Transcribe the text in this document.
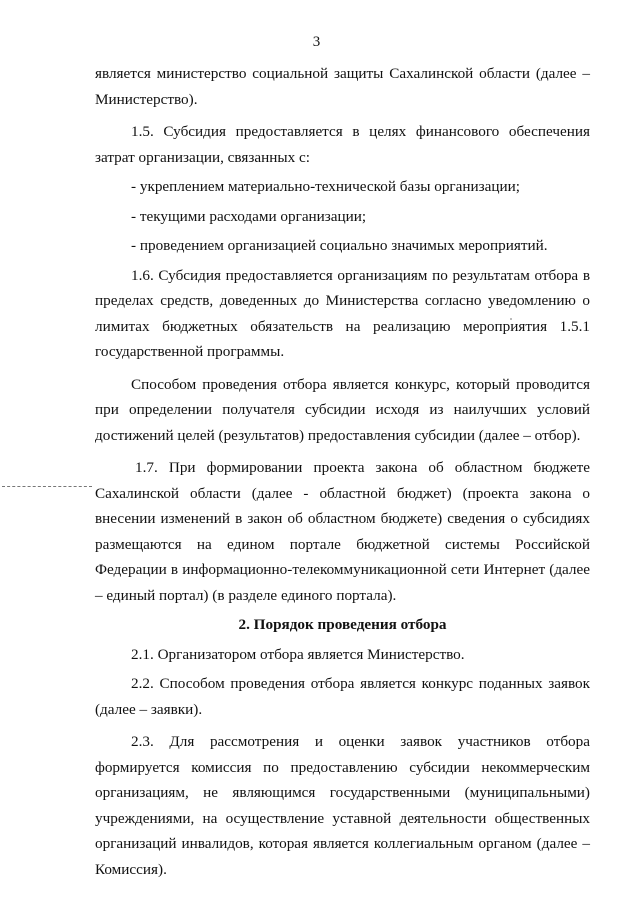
3

является министерство социальной защиты Сахалинской области (далее – Министерство).

1.5. Субсидия предоставляется в целях финансового обеспечения затрат организации, связанных с:

- укреплением материально-технической базы организации;

- текущими расходами организации;

- проведением организацией социально значимых мероприятий.

1.6. Субсидия предоставляется организациям по результатам отбора в пределах средств, доведенных до Министерства согласно уведомлению о лимитах бюджетных обязательств на реализацию мероприятия 1.5.1 государственной программы.

Способом проведения отбора является конкурс, который проводится при определении получателя субсидии исходя из наилучших условий достижений целей (результатов) предоставления субсидии (далее – отбор).

1.7. При формировании проекта закона об областном бюджете Сахалинской области (далее - областной бюджет) (проекта закона о внесении изменений в закон об областном бюджете) сведения о субсидиях размещаются на едином портале бюджетной системы Российской Федерации в информационно-телекоммуникационной сети Интернет (далее – единый портал) (в разделе единого портала).

2. Порядок проведения отбора

2.1. Организатором отбора является Министерство.

2.2. Способом проведения отбора является конкурс поданных заявок (далее – заявки).

2.3. Для рассмотрения и оценки заявок участников отбора формируется комиссия по предоставлению субсидии некоммерческим организациям, не являющимся государственными (муниципальными) учреждениями, на осуществление уставной деятельности общественных организаций инвалидов, которая является коллегиальным органом (далее – Комиссия).
